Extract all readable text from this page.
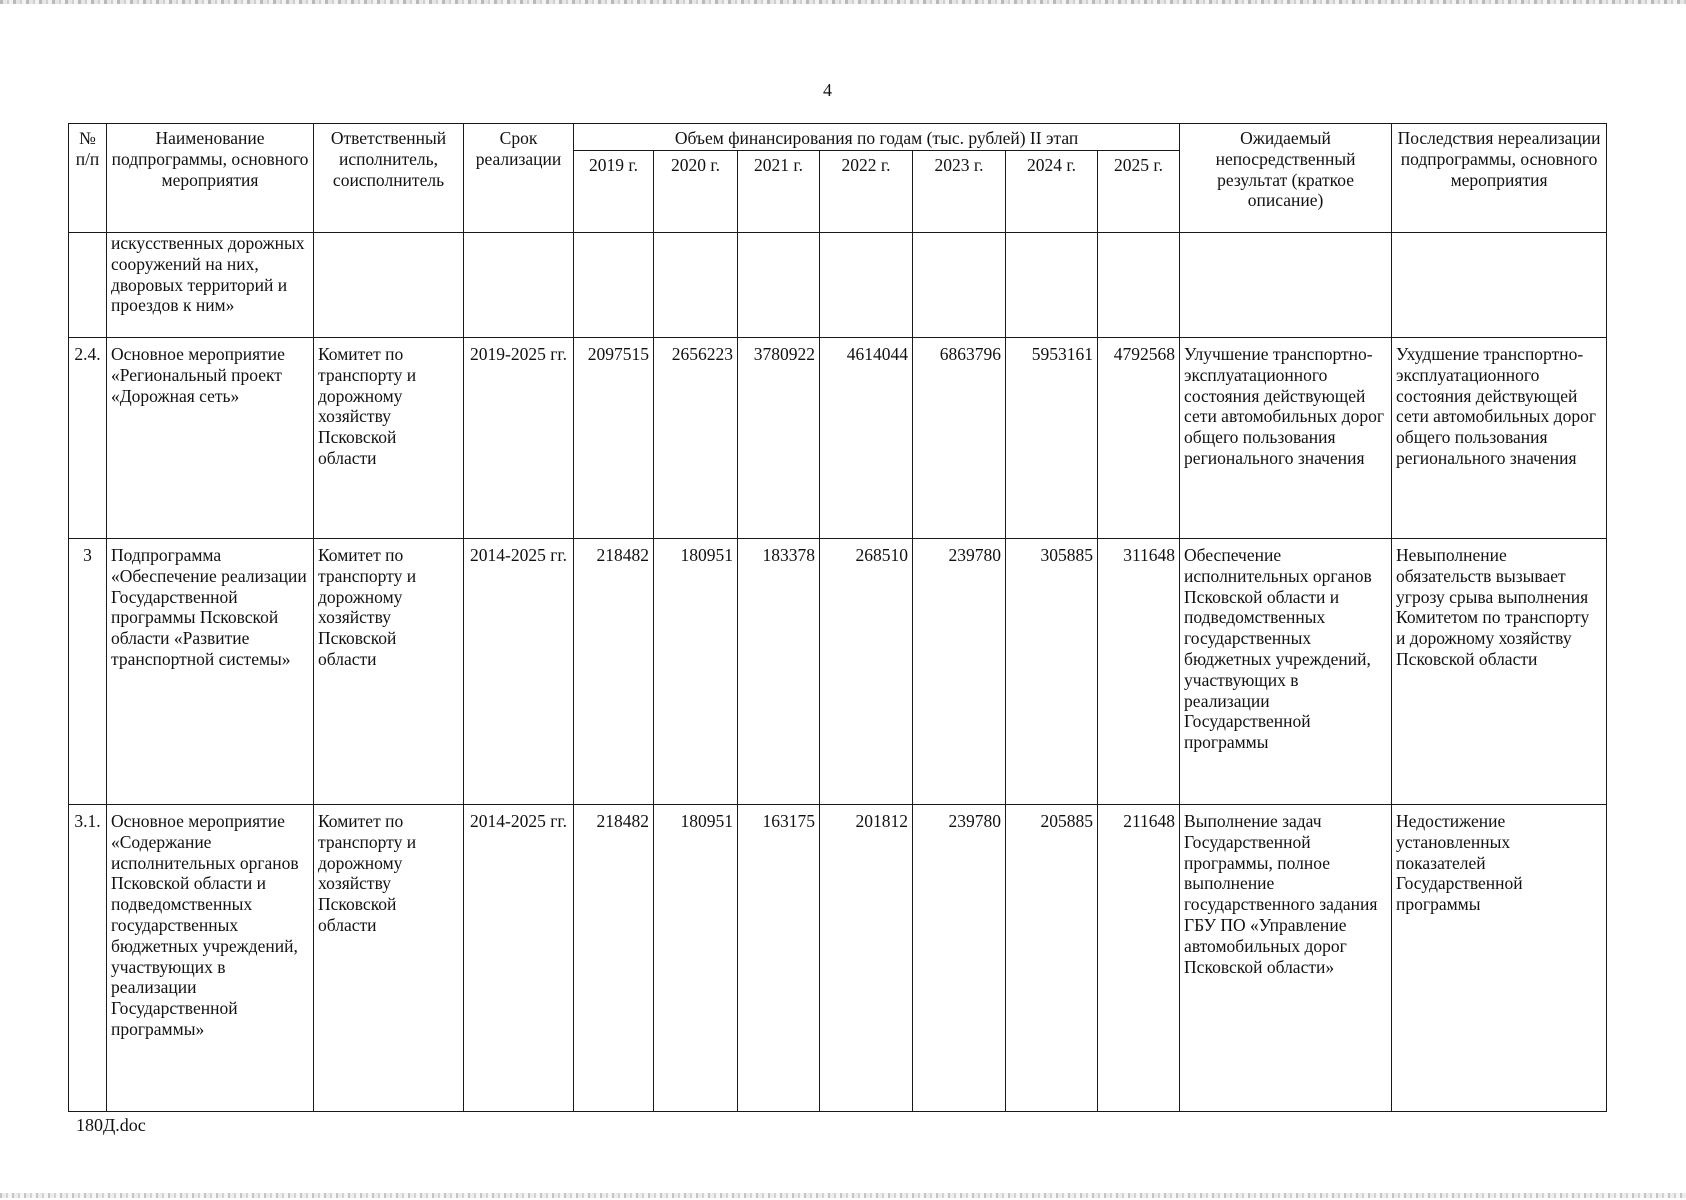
4
№ п/п	Наименование подпрограммы, основного мероприятия	Ответственный исполнитель, соисполнитель	Срок реализации	Объем финансирования по годам (тыс. рублей) II этап							Ожидаемый непосредственный результат (краткое описание)	Последствия нереализации подпрограммы, основного мероприятия
				2019 г.	2020 г.	2021 г.	2022 г.	2023 г.	2024 г.	2025 г.		
	искусственных дорожных сооружений на них, дворовых территорий и проездов к ним»											
2.4.	Основное мероприятие «Региональный проект «Дорожная сеть»	Комитет по транспорту и дорожному хозяйству Псковской области	2019-2025 гг.	2097515	2656223	3780922	4614044	6863796	5953161	4792568	Улучшение транспортно-эксплуатационного состояния действующей сети автомобильных дорог общего пользования регионального значения	Ухудшение транспортно-эксплуатационного состояния действующей сети автомобильных дорог общего пользования регионального значения
3	Подпрограмма «Обеспечение реализации Государственной программы Псковской области «Развитие транспортной системы»	Комитет по транспорту и дорожному хозяйству Псковской области	2014-2025 гг.	218482	180951	183378	268510	239780	305885	311648	Обеспечение исполнительных органов Псковской области и подведомственных государственных бюджетных учреждений, участвующих в реализации Государственной программы	Невыполнение обязательств вызывает угрозу срыва выполнения Комитетом по транспорту и дорожному хозяйству Псковской области
3.1.	Основное мероприятие «Содержание исполнительных органов Псковской области и подведомственных государственных бюджетных учреждений, участвующих в реализации Государственной программы»	Комитет по транспорту и дорожному хозяйству Псковской области	2014-2025 гг.	218482	180951	163175	201812	239780	205885	211648	Выполнение задач Государственной программы, полное выполнение государственного задания ГБУ ПО «Управление автомобильных дорог Псковской области»	Недостижение установленных показателей Государственной программы
180Д.doc
